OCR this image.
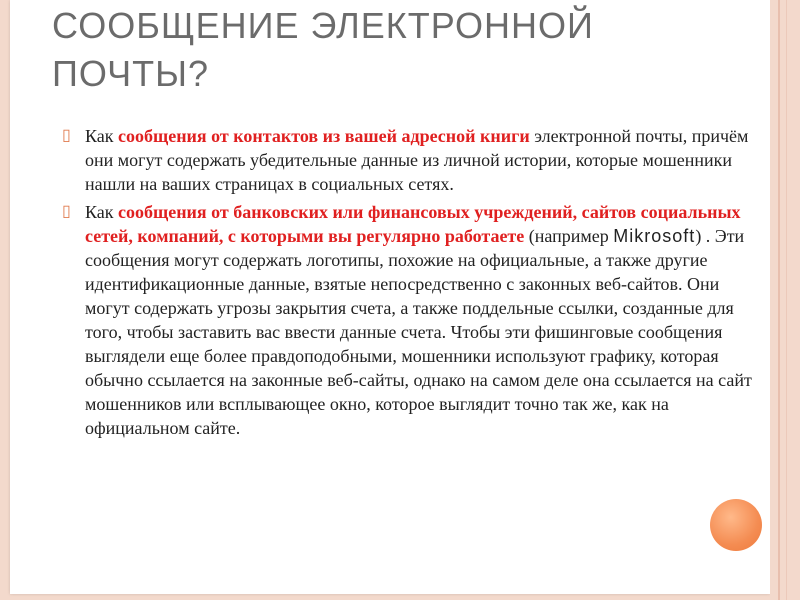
СООБЩЕНИЕ ЭЛЕКТРОННОЙ
ПОЧТЫ?

▯ Как сообщения от контактов из вашей адресной книги электронной почты, причём они могут содержать убедительные данные из личной истории, которые мошенники нашли на ваших страницах в социальных сетях.

▯ Как сообщения от банковских или финансовых учреждений, сайтов социальных сетей, компаний, с которыми вы регулярно работаете (например Mikrosoft) . Эти сообщения могут содержать логотипы, похожие на официальные, а также другие идентификационные данные, взятые непосредственно с законных веб-сайтов. Они могут содержать угрозы закрытия счета, а также поддельные ссылки, созданные для того, чтобы заставить вас ввести данные счета. Чтобы эти фишинговые сообщения выглядели еще более правдоподобными, мошенники используют графику, которая обычно ссылается на законные веб-сайты, однако на самом деле она ссылается на сайт мошенников или всплывающее окно, которое выглядит точно так же, как на официальном сайте.
